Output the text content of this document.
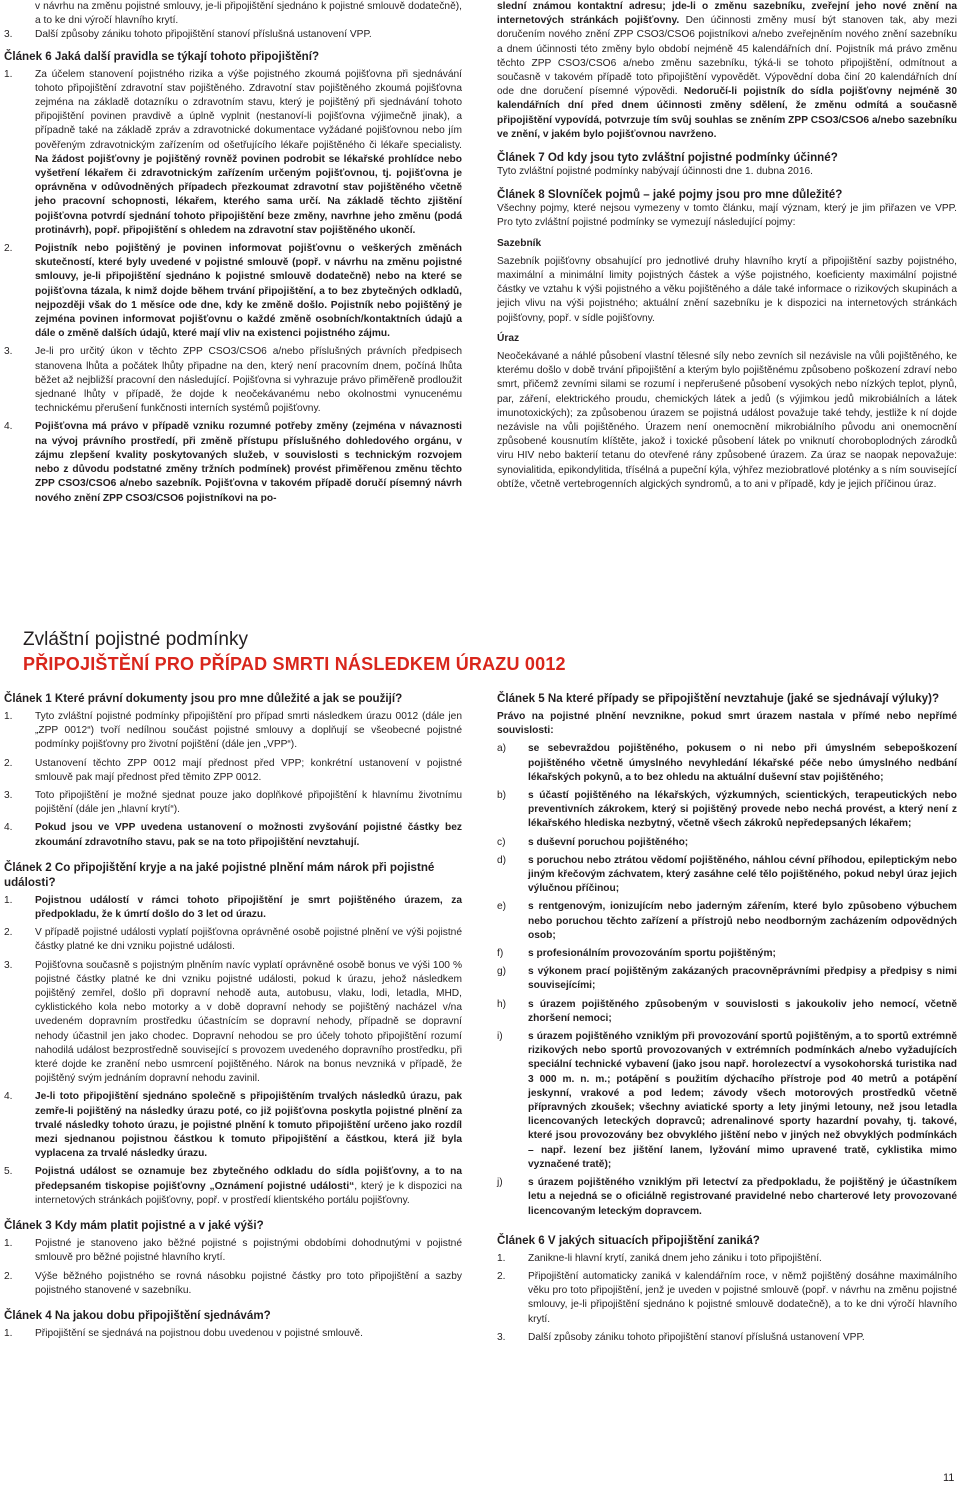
v návrhu na změnu pojistné smlouvy, je-li připojištění sjednáno k pojistné smlouvě dodatečně), a to ke dni výročí hlavního krytí.
3.	Další způsoby zániku tohoto připojištění stanoví příslušná ustanovení VPP.
Článek 6 Jaká další pravidla se týkají tohoto připojištění?
1.	Za účelem stanovení pojistného rizika a výše pojistného zkoumá pojišťovna při sjednávání tohoto připojištění zdravotní stav pojištěného. Zdravotní stav pojištěného zkoumá pojišťovna zejména na základě dotazníku o zdravotním stavu, který je pojištěný při sjednávání tohoto připojištění povinen pravdivě a úplně vyplnit (nestanoví-li pojišťovna výjimečně jinak), a případně také na základě zpráv a zdravotnické dokumentace vyžádané pojišťovnou nebo jím pověřeným zdravotnickým zařízením od ošetřujícího lékaře pojištěného či lékaře specialisty. Na žádost pojišťovny je pojištěný rovněž povinen podrobit se lékařské prohlídce nebo vyšetření lékařem či zdravotnickým zařízením určeným pojišťovnou, tj. pojišťovna je oprávněna v odůvodněných případech přezkoumat zdravotní stav pojištěného včetně jeho pracovní schopnosti, lékařem, kterého sama určí. Na základě těchto zjištění pojišťovna potvrdí sjednání tohoto připojištění beze změny, navrhne jeho změnu (podá protinávrh), popř. připojištění s ohledem na zdravotní stav pojištěného ukončí.
2.	Pojistník nebo pojištěný je povinen informovat pojišťovnu o veškerých změnách skutečností, které byly uvedené v pojistné smlouvě (popř. v návrhu na změnu pojistné smlouvy, je-li připojištění sjednáno k pojistné smlouvě dodatečně) nebo na které se pojišťovna tázala, k nimž dojde během trvání připojištění, a to bez zbytečných odkladů, nejpozději však do 1 měsíce ode dne, kdy ke změně došlo. Pojistník nebo pojištěný je zejména povinen informovat pojišťovnu o každé změně osobních/kontaktních údajů a dále o změně dalších údajů, které mají vliv na existenci pojistného zájmu.
3.	Je-li pro určitý úkon v těchto ZPP CSO3/CSO6 a/nebo příslušných právních předpisech stanovena lhůta a počátek lhůty připadne na den, který není pracovním dnem, počíná lhůta běžet až nejbližší pracovní den následující. Pojišťovna si vyhrazuje právo přiměřeně prodloužit sjednané lhůty v případě, že dojde k neočekávanému nebo okolnostmi vynucenému technickému přerušení funkčnosti interních systémů pojišťovny.
4.	Pojišťovna má právo v případě vzniku rozumné potřeby změny (zejména v návaznosti na vývoj právního prostředí, při změně přístupu příslušného dohledového orgánu, v zájmu zlepšení kvality poskytovaných služeb, v souvislosti s technickým rozvojem nebo z důvodu podstatné změny tržních podmínek) provést přiměřenou změnu těchto ZPP CSO3/CSO6 a/nebo sazebník. Pojišťovna v takovém případě doručí písemný návrh nového znění ZPP CSO3/CSO6 pojistníkovi na po-

slední známou kontaktní adresu; jde-li o změnu sazebníku, zveřejní jeho nové znění na internetových stránkách pojišťovny. Den účinnosti změny musí být stanoven tak, aby mezi doručením nového znění ZPP CSO3/CSO6 pojistníkovi a/nebo zveřejněním nového znění sazebníku a dnem účinnosti této změny bylo období nejméně 45 kalendářních dní. Pojistník má právo změnu těchto ZPP CSO3/CSO6 a/nebo změnu sazebníku, týká-li se tohoto připojištění, odmítnout a současně v takovém případě toto připojištění vypovědět. Výpovědní doba činí 20 kalendářních dní ode dne doručení písemné výpovědi. Nedoručí-li pojistník do sídla pojišťovny nejméně 30 kalendářních dní před dnem účinnosti změny sdělení, že změnu odmítá a současně připojištění vypovídá, potvrzuje tím svůj souhlas se zněním ZPP CSO3/CSO6 a/nebo sazebníku ve znění, v jakém bylo pojišťovnou navrženo.

Článek 7 Od kdy jsou tyto zvláštní pojistné podmínky účinné?

Tyto zvláštní pojistné podmínky nabývají účinnosti dne 1. dubna 2016.

Článek 8 Slovníček pojmů – jaké pojmy jsou pro mne důležité?

Všechny pojmy, které nejsou vymezeny v tomto článku, mají význam, který je jim přiřazen ve VPP. Pro tyto zvláštní pojistné podmínky se vymezují následující pojmy:

Sazebník

Sazebník pojišťovny obsahující pro jednotlivé druhy hlavního krytí a připojištění sazby pojistného, maximální a minimální limity pojistných částek a výše pojistného, koeficienty maximální pojistné částky ve vztahu k výši pojistného a věku pojištěného a dále také informace o rizikových skupinách a jejich vlivu na výši pojistného; aktuální znění sazebníku je k dispozici na internetových stránkách pojišťovny, popř. v sídle pojišťovny.

Úraz

Neočekávané a náhlé působení vlastní tělesné síly nebo zevních sil nezávisle na vůli pojištěného, ke kterému došlo v době trvání připojištění a kterým bylo pojištěnému způsobeno poškození zdraví nebo smrt, přičemž zevními silami se rozumí i nepřerušené působení vysokých nebo nízkých teplot, plynů, par, záření, elektrického proudu, chemických látek a jedů (s výjimkou jedů mikrobiálních a látek imunotoxických); za způsobenou úrazem se pojistná událost považuje také tehdy, jestliže k ní dojde nezávisle na vůli pojištěného. Úrazem není onemocnění mikrobiálního původu ani onemocnění způsobené kousnutím klíštěte, jakož i toxické působení látek po vniknutí choroboplodných zárodků viru HIV nebo bakterií tetanu do otevřené rány způsobené úrazem. Za úraz se naopak nepovažuje: synovialitida, epikondylitida, třísélná a pupeční kýla, výhřez meziobratlové ploténky a s ním související obtíže, včetně vertebrogenních algických syndromů, a to ani v případě, kdy je jejich příčinou úraz.

Zvláštní pojistné podmínky
PŘIPOJIŠTĚNÍ PRO PŘÍPAD SMRTI NÁSLEDKEM ÚRAZU 0012
Článek 1 Které právní dokumenty jsou pro mne důležité a jak se použijí?
1.	Tyto zvláštní pojistné podmínky připojištění pro případ smrti následkem úrazu 0012 (dále jen „ZPP 0012“) tvoří nedílnou součást pojistné smlouvy a doplňují se všeobecné pojistné podmínky pojišťovny pro životní pojištění (dále jen „VPP“).
2.	Ustanovení těchto ZPP 0012 mají přednost před VPP; konkrétní ustanovení v pojistné smlouvě pak mají přednost před těmito ZPP 0012.
3.	Toto připojištění je možné sjednat pouze jako doplňkové připojištění k hlavnímu životnímu pojištění (dále jen „hlavní krytí“).
4.	Pokud jsou ve VPP uvedena ustanovení o možnosti zvyšování pojistné částky bez zkoumání zdravotního stavu, pak se na toto připojištění nevztahují.
Článek 2 Co připojištění kryje a na jaké pojistné plnění mám nárok při pojistné události?
1.	Pojistnou událostí v rámci tohoto připojištění je smrt pojištěného úrazem, za předpokladu, že k úmrtí došlo do 3 let od úrazu.
2.	V případě pojistné události vyplatí pojišťovna oprávněné osobě pojistné plnění ve výši pojistné částky platné ke dni vzniku pojistné události.
3.	Pojišťovna současně s pojistným plněním navíc vyplatí oprávněné osobě bonus ve výši 100 % pojistné částky platné ke dni vzniku pojistné události, pokud k úrazu, jehož následkem pojištěný zemřel, došlo při dopravní nehodě auta, autobusu, vlaku, lodi, letadla, MHD, cyklistického kola nebo motorky a v době dopravní nehody se pojištěný nacházel v/na uvedeném dopravním prostředku účastnícím se dopravní nehody, případně se dopravní nehody účastnil jen jako chodec. Dopravní nehodou se pro účely tohoto připojištění rozumí nahodilá událost bezprostředně související s provozem uvedeného dopravního prostředku, při které dojde ke zranění nebo usmrcení pojištěného. Nárok na bonus nevzniká v případě, že pojištěný svým jednáním dopravní nehodu zavinil.
4.	Je-li toto připojištění sjednáno společně s připojištěním trvalých následků úrazu, pak zemře-li pojištěný na následky úrazu poté, co již pojišťovna poskytla pojistné plnění za trvalé následky tohoto úrazu, je pojistné plnění k tomuto připojištění určeno jako rozdíl mezi sjednanou pojistnou částkou k tomuto připojištění a částkou, která již byla vyplacena za trvalé následky úrazu.
5.	Pojistná událost se oznamuje bez zbytečného odkladu do sídla pojišťovny, a to na předepsaném tiskopise pojišťovny „Oznámení pojistné události“, který je k dispozici na internetových stránkách pojišťovny, popř. v prostředí klientského portálu pojišťovny.
Článek 3 Kdy mám platit pojistné a v jaké výši?
1.	Pojistné je stanoveno jako běžné pojistné s pojistnými obdobími dohodnutými v pojistné smlouvě pro běžné pojistné hlavního krytí.
2.	Výše běžného pojistného se rovná násobku pojistné částky pro toto připojištění a sazby pojistného stanovené v sazebníku.
Článek 4 Na jakou dobu připojištění sjednávám?
1.	Připojištění se sjednává na pojistnou dobu uvedenou v pojistné smlouvě.
Článek 5 Na které případy se připojištění nevztahuje (jaké se sjednávají výluky)?

Právo na pojistné plnění nevznikne, pokud smrt úrazem nastala v přímé nebo nepřímé souvislosti:

a)	se sebevraždou pojištěného, pokusem o ni nebo při úmyslném sebepoškození pojištěného včetně úmyslného nevyhledání lékařské péče nebo úmyslného nedbání lékařských pokynů, a to bez ohledu na aktuální duševní stav pojištěného;
b)	s účastí pojištěného na lékařských, výzkumných, scientických, terapeutických nebo preventivních zákrokem, který si pojištěný provede nebo nechá provést, a který není z lékařského hlediska nezbytný, včetně všech zákroků nepředepsaných lékařem;
c)	s duševní poruchou pojištěného;
d)	s poruchou nebo ztrátou vědomí pojištěného, náhlou cévní příhodou, epileptickým nebo jiným křečovým záchvatem, který zasáhne celé tělo pojištěného, pokud nebyl úraz jejich výlučnou příčinou;
e)	s rentgenovým, ionizujícím nebo jaderným zářením, které bylo způsobeno výbuchem nebo poruchou těchto zařízení a přístrojů nebo neodborným zacházením odpovědných osob;
f)	s profesionálním provozováním sportu pojištěným;
g)	s výkonem prací pojištěným zakázaných pracovněprávními předpisy a předpisy s nimi souvisejícími;
h)	s úrazem pojištěného způsobeným v souvislosti s jakoukoliv jeho nemocí, včetně zhoršení nemoci;
i)	s úrazem pojištěného vzniklým při provozování sportů pojištěným, a to sportů extrémně rizikových nebo sportů provozovaných v extrémních podmínkách a/nebo vyžadujících speciální technické vybavení (jako jsou např. horolezectví a vysokohorská turistika nad 3 000 m. n. m.; potápění s použitím dýchacího přístroje pod 40 metrů a potápění jeskynní, vrakové a pod ledem; závody všech motorových prostředků včetně přípravných zkoušek; všechny aviatické sporty a lety jinými letouny, než jsou letadla licencovaných leteckých dopravců; adrenalinové sporty hazardní povahy, tj. takové, které jsou provozovány bez obvyklého jištění nebo v jiných než obvyklých podmínkách – např. lezení bez jištění lanem, lyžování mimo upravené tratě, cyklistika mimo vyznačené tratě);
j)	s úrazem pojištěného vzniklým při letectví za předpokladu, že pojištěný je účastníkem letu a nejedná se o oficiálně registrované pravidelné nebo charterové lety provozované licencovaným leteckým dopravcem.
Článek 6 V jakých situacích připojištění zaniká?
1.	Zanikne-li hlavní krytí, zaniká dnem jeho zániku i toto připojištění.
2.	Připojištění automaticky zaniká v kalendářním roce, v němž pojištěný dosáhne maximálního věku pro toto připojištění, jenž je uveden v pojistné smlouvě (popř. v návrhu na změnu pojistné smlouvy, je-li připojištění sjednáno k pojistné smlouvě dodatečně), a to ke dni výročí hlavního krytí.
3.	Další způsoby zániku tohoto připojištění stanoví příslušná ustanovení VPP.
11
